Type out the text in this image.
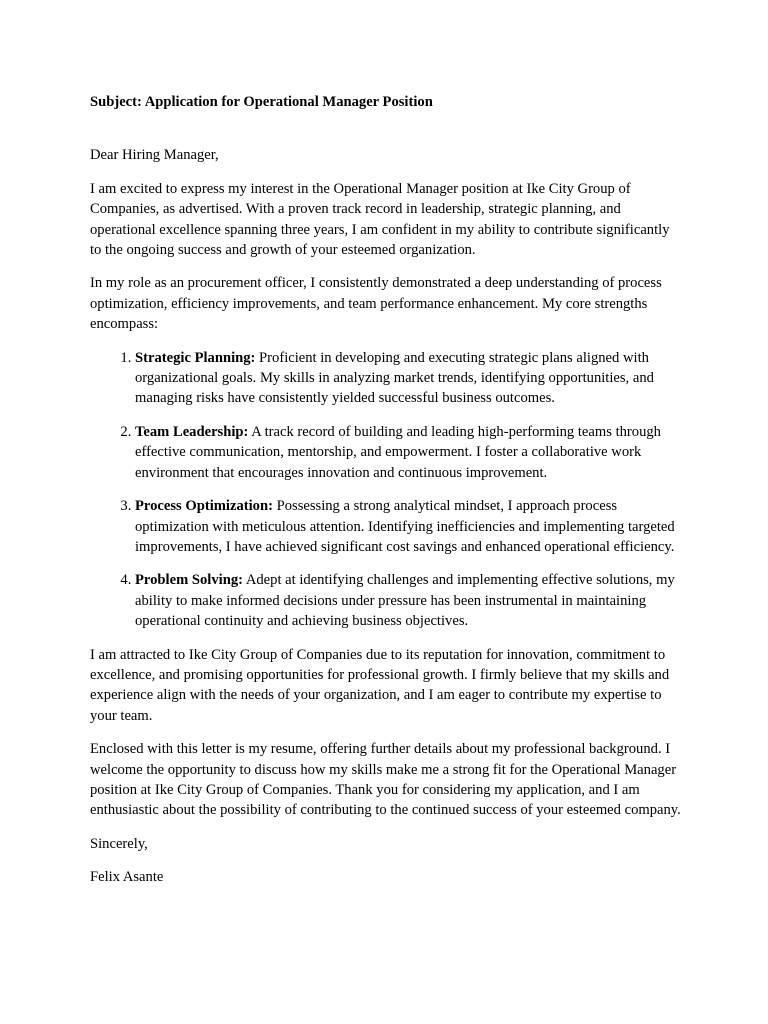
Subject: Application for Operational Manager Position
Dear Hiring Manager,

I am excited to express my interest in the Operational Manager position at Ike City Group of Companies, as advertised. With a proven track record in leadership, strategic planning, and operational excellence spanning three years, I am confident in my ability to contribute significantly to the ongoing success and growth of your esteemed organization.

In my role as an procurement officer, I consistently demonstrated a deep understanding of process optimization, efficiency improvements, and team performance enhancement. My core strengths encompass:

1. Strategic Planning: Proficient in developing and executing strategic plans aligned with organizational goals. My skills in analyzing market trends, identifying opportunities, and managing risks have consistently yielded successful business outcomes.
2. Team Leadership: A track record of building and leading high-performing teams through effective communication, mentorship, and empowerment. I foster a collaborative work environment that encourages innovation and continuous improvement.
3. Process Optimization: Possessing a strong analytical mindset, I approach process optimization with meticulous attention. Identifying inefficiencies and implementing targeted improvements, I have achieved significant cost savings and enhanced operational efficiency.
4. Problem Solving: Adept at identifying challenges and implementing effective solutions, my ability to make informed decisions under pressure has been instrumental in maintaining operational continuity and achieving business objectives.

I am attracted to Ike City Group of Companies due to its reputation for innovation, commitment to excellence, and promising opportunities for professional growth. I firmly believe that my skills and experience align with the needs of your organization, and I am eager to contribute my expertise to your team.

Enclosed with this letter is my resume, offering further details about my professional background. I welcome the opportunity to discuss how my skills make me a strong fit for the Operational Manager position at Ike City Group of Companies. Thank you for considering my application, and I am enthusiastic about the possibility of contributing to the continued success of your esteemed company.

Sincerely,
Felix Asante
